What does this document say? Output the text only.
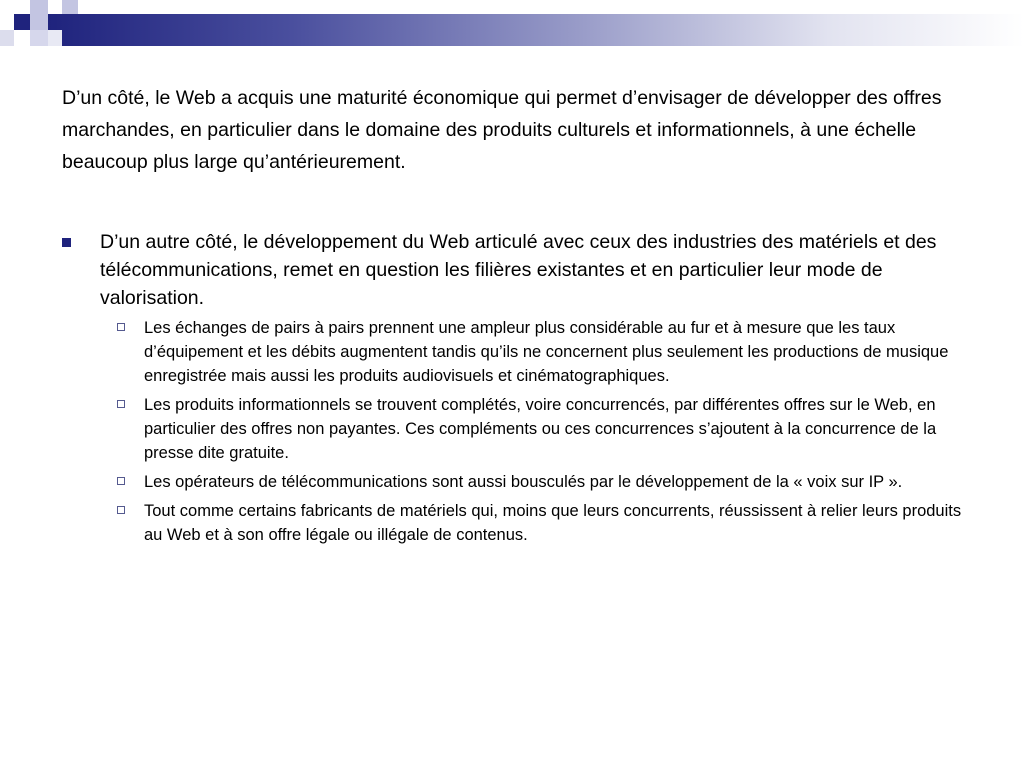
D’un côté, le Web a acquis une maturité économique qui permet d’envisager de développer des offres marchandes, en particulier dans le domaine des produits culturels et informationnels, à une échelle beaucoup plus large qu’antérieurement.

D’un autre côté, le développement du Web articulé avec ceux des industries des matériels et des télécommunications, remet en question les filières existantes et en particulier leur mode de valorisation.
Les échanges de pairs à pairs prennent une ampleur plus considérable au fur et à mesure que les taux d’équipement et les débits augmentent tandis qu’ils ne concernent plus seulement les productions de musique enregistrée mais aussi les produits audiovisuels et cinématographiques.
Les produits informationnels se trouvent complétés, voire concurrencés, par différentes offres sur le Web, en particulier des offres non payantes. Ces compléments ou ces concurrences s’ajoutent à la concurrence de la presse dite gratuite.
Les opérateurs de télécommunications sont aussi bousculés par le développement de la « voix sur IP ».
Tout comme certains fabricants de matériels qui, moins que leurs concurrents, réussissent à relier leurs produits au Web et à son offre légale ou illégale de contenus.
